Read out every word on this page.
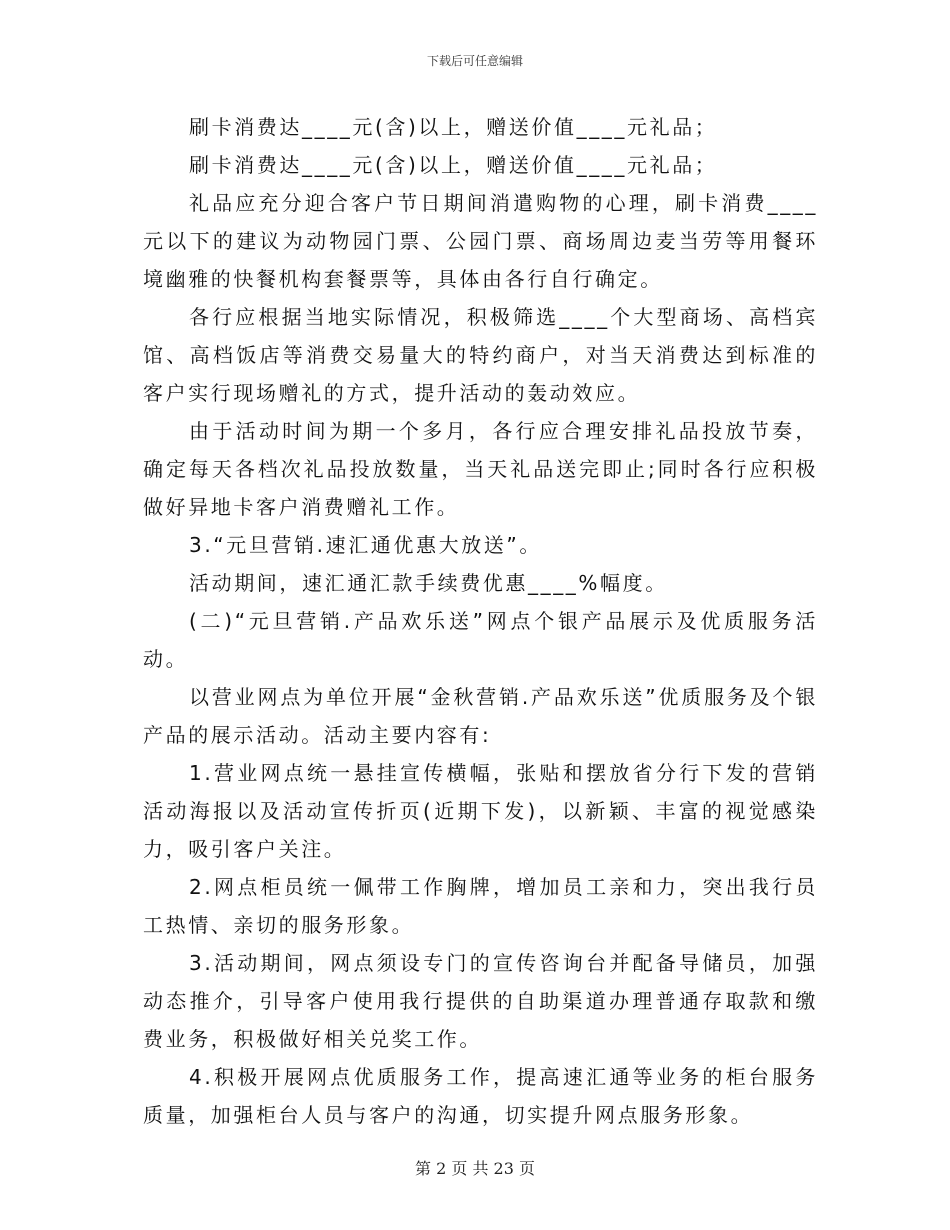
下载后可任意编辑

刷卡消费达____元(含)以上，赠送价值____元礼品；

刷卡消费达____元(含)以上，赠送价值____元礼品；

礼品应充分迎合客户节日期间消遣购物的心理，刷卡消费____元以下的建议为动物园门票、公园门票、商场周边麦当劳等用餐环境幽雅的快餐机构套餐票等，具体由各行自行确定。

各行应根据当地实际情况，积极筛选____个大型商场、高档宾馆、高档饭店等消费交易量大的特约商户，对当天消费达到标准的客户实行现场赠礼的方式，提升活动的轰动效应。

由于活动时间为期一个多月，各行应合理安排礼品投放节奏，确定每天各档次礼品投放数量，当天礼品送完即止;同时各行应积极做好异地卡客户消费赠礼工作。

3.“元旦营销.速汇通优惠大放送”。

活动期间，速汇通汇款手续费优惠____%幅度。

(二)“元旦营销.产品欢乐送”网点个银产品展示及优质服务活动。

以营业网点为单位开展“金秋营销.产品欢乐送”优质服务及个银产品的展示活动。活动主要内容有:

1.营业网点统一悬挂宣传横幅，张贴和摆放省分行下发的营销活动海报以及活动宣传折页(近期下发)，以新颖、丰富的视觉感染力，吸引客户关注。

2.网点柜员统一佩带工作胸牌，增加员工亲和力，突出我行员工热情、亲切的服务形象。

3.活动期间，网点须设专门的宣传咨询台并配备导储员，加强动态推介，引导客户使用我行提供的自助渠道办理普通存取款和缴费业务，积极做好相关兑奖工作。

4.积极开展网点优质服务工作，提高速汇通等业务的柜台服务质量，加强柜台人员与客户的沟通，切实提升网点服务形象。

第 2 页 共 23 页
